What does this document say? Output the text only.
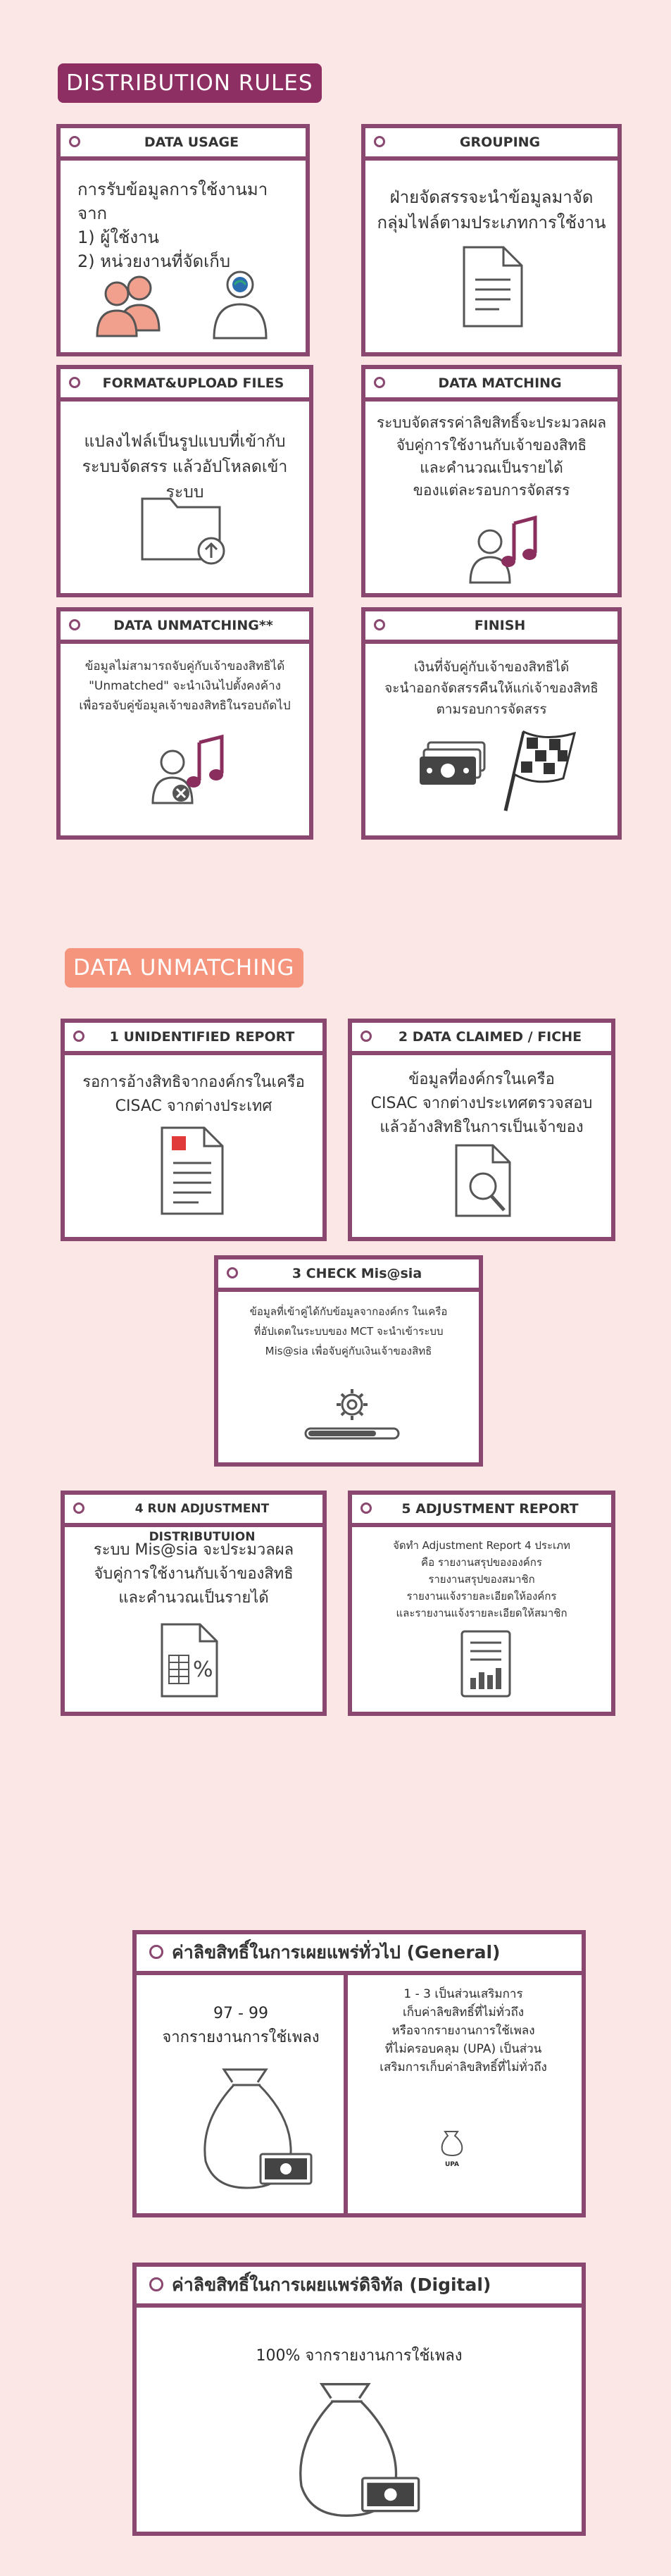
DISTRIBUTION RULES
DATA USAGE
การรับข้อมูลการใช้งานมาจาก
1) ผู้ใช้งาน
2) หน่วยงานที่จัดเก็บ
GROUPING
ฝ่ายจัดสรรจะนำข้อมูลมาจัด
กลุ่มไฟล์ตามประเภทการใช้งาน
FORMAT&UPLOAD FILES
แปลงไฟล์เป็นรูปแบบที่เข้ากับ
ระบบจัดสรร แล้วอัปโหลดเข้าระบบ
DATA MATCHING
ระบบจัดสรรค่าลิขสิทธิ์จะประมวลผล
จับคู่การใช้งานกับเจ้าของสิทธิ
และคำนวณเป็นรายได้
ของแต่ละรอบการจัดสรร
DATA UNMATCHING**
ข้อมูลไม่สามารถจับคู่กับเจ้าของสิทธิได้
"Unmatched" จะนำเงินไปตั้งคงค้าง
เพื่อรอจับคู่ข้อมูลเจ้าของสิทธิในรอบถัดไป
FINISH
เงินที่จับคู่กับเจ้าของสิทธิได้
จะนำออกจัดสรรคืนให้แก่เจ้าของสิทธิ
ตามรอบการจัดสรร
DATA UNMATCHING
1 UNIDENTIFIED REPORT
รอการอ้างสิทธิจากองค์กรในเครือ
CISAC จากต่างประเทศ
2 DATA CLAIMED / FICHE
ข้อมูลที่องค์กรในเครือ
CISAC จากต่างประเทศตรวจสอบ
แล้วอ้างสิทธิในการเป็นเจ้าของ
3 CHECK Mis@sia
ข้อมูลที่เข้าคู่ได้กับข้อมูลจากองค์กร ในเครือ
ที่อัปเดตในระบบของ MCT จะนำเข้าระบบ
Mis@sia เพื่อจับคู่กับเงินเจ้าของสิทธิ
4 RUN ADJUSTMENT DISTRIBUTUION
ระบบ Mis@sia จะประมวลผล
จับคู่การใช้งานกับเจ้าของสิทธิ
และคำนวณเป็นรายได้
%
5 ADJUSTMENT REPORT
จัดทำ Adjustment Report 4 ประเภท
คือ รายงานสรุปขององค์กร
รายงานสรุปของสมาชิก
รายงานแจ้งรายละเอียดให้องค์กร
และรายงานแจ้งรายละเอียดให้สมาชิก
ค่าลิขสิทธิ์ในการเผยแพร่ทั่วไป (General)
97 - 99
จากรายงานการใช้เพลง
1 - 3 เป็นส่วนเสริมการ
เก็บค่าลิขสิทธิ์ที่ไม่ทั่วถึง
หรือจากรายงานการใช้เพลง
ที่ไม่ครอบคลุม (UPA) เป็นส่วน
เสริมการเก็บค่าลิขสิทธิ์ที่ไม่ทั่วถึง
UPA
ค่าลิขสิทธิ์ในการเผยแพร่ดิจิทัล (Digital)
100% จากรายงานการใช้เพลง
